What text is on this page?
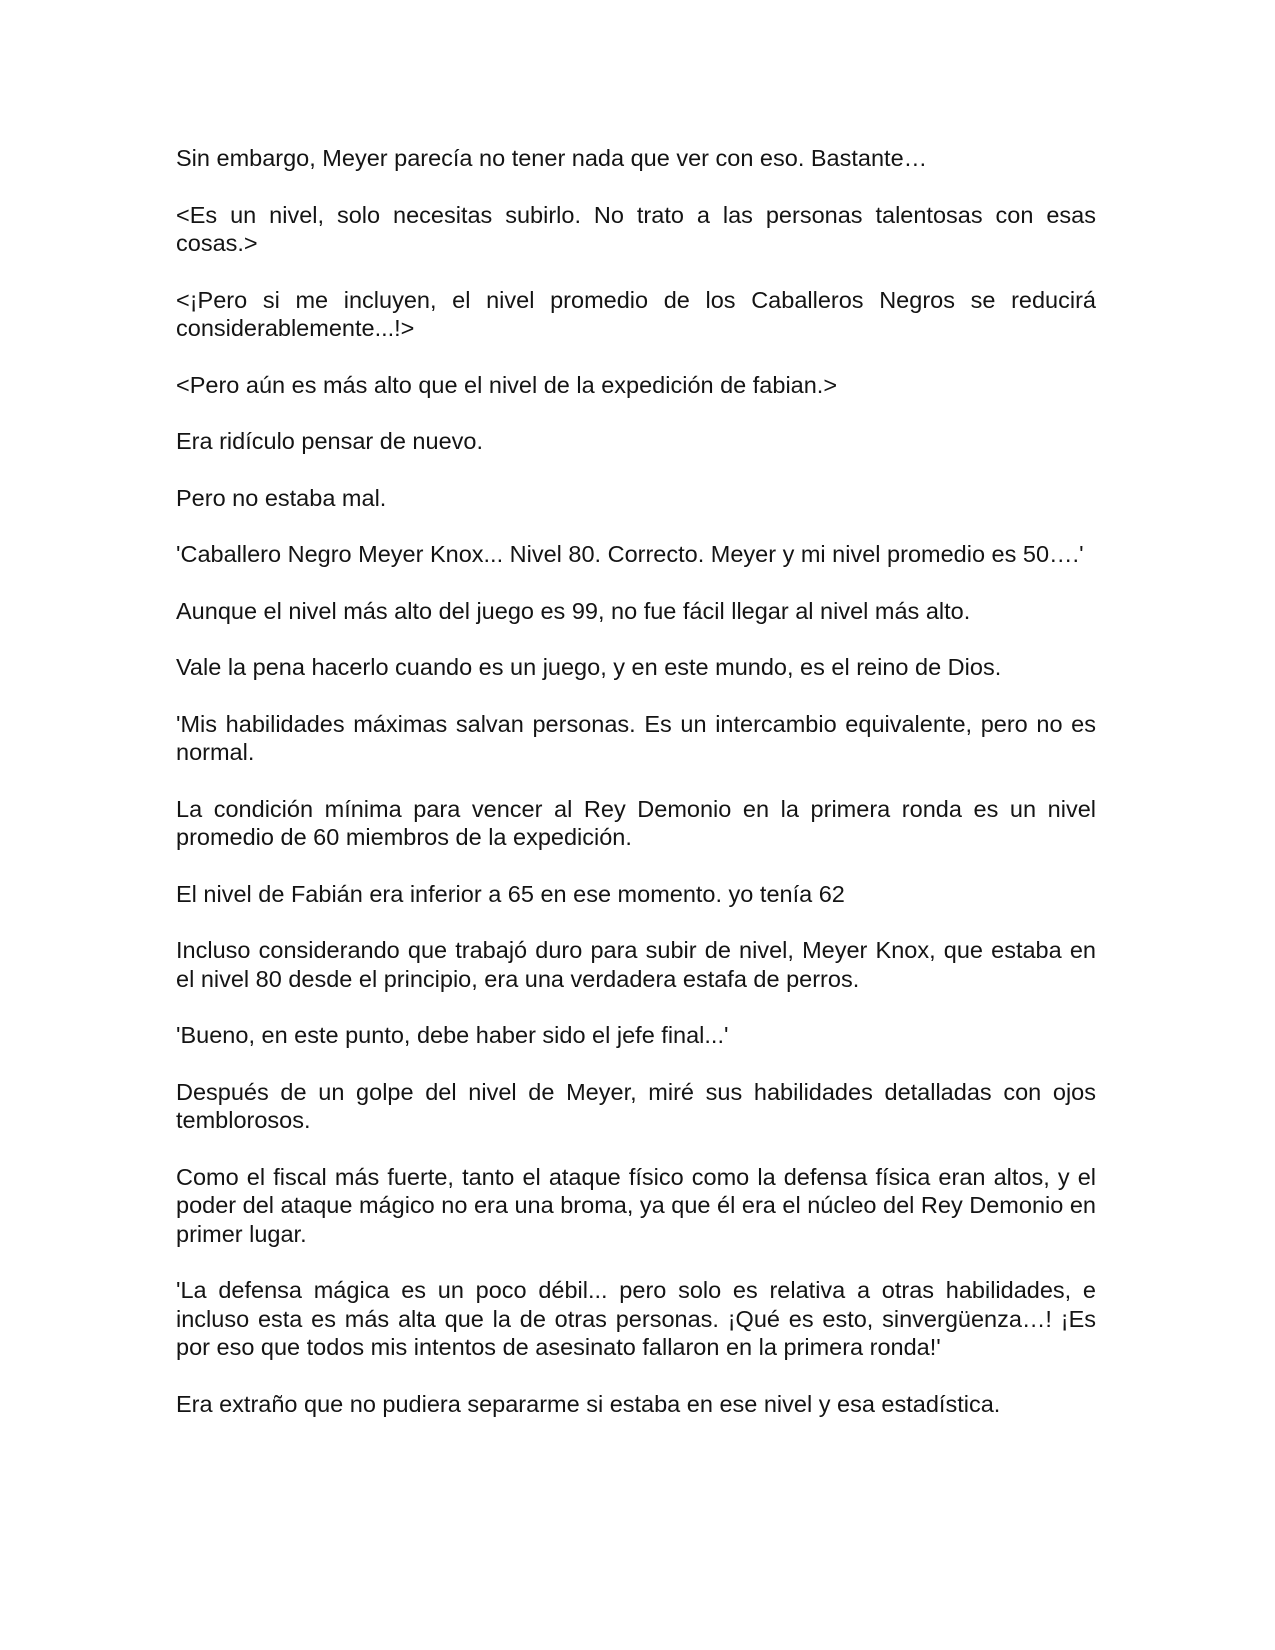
Sin embargo, Meyer parecía no tener nada que ver con eso. Bastante…

<Es un nivel, solo necesitas subirlo. No trato a las personas talentosas con esas cosas.>

<¡Pero si me incluyen, el nivel promedio de los Caballeros Negros se reducirá considerablemente...!>

<Pero aún es más alto que el nivel de la expedición de fabian.>

Era ridículo pensar de nuevo.

Pero no estaba mal.

'Caballero Negro Meyer Knox... Nivel 80. Correcto. Meyer y mi nivel promedio es 50….'

Aunque el nivel más alto del juego es 99, no fue fácil llegar al nivel más alto.

Vale la pena hacerlo cuando es un juego, y en este mundo, es el reino de Dios.

'Mis habilidades máximas salvan personas. Es un intercambio equivalente, pero no es normal.

La condición mínima para vencer al Rey Demonio en la primera ronda es un nivel promedio de 60 miembros de la expedición.

El nivel de Fabián era inferior a 65 en ese momento. yo tenía 62

Incluso considerando que trabajó duro para subir de nivel, Meyer Knox, que estaba en el nivel 80 desde el principio, era una verdadera estafa de perros.

'Bueno, en este punto, debe haber sido el jefe final...'

Después de un golpe del nivel de Meyer, miré sus habilidades detalladas con ojos temblorosos.

Como el fiscal más fuerte, tanto el ataque físico como la defensa física eran altos, y el poder del ataque mágico no era una broma, ya que él era el núcleo del Rey Demonio en primer lugar.

'La defensa mágica es un poco débil... pero solo es relativa a otras habilidades, e incluso esta es más alta que la de otras personas. ¡Qué es esto, sinvergüenza…! ¡Es por eso que todos mis intentos de asesinato fallaron en la primera ronda!'

Era extraño que no pudiera separarme si estaba en ese nivel y esa estadística.
